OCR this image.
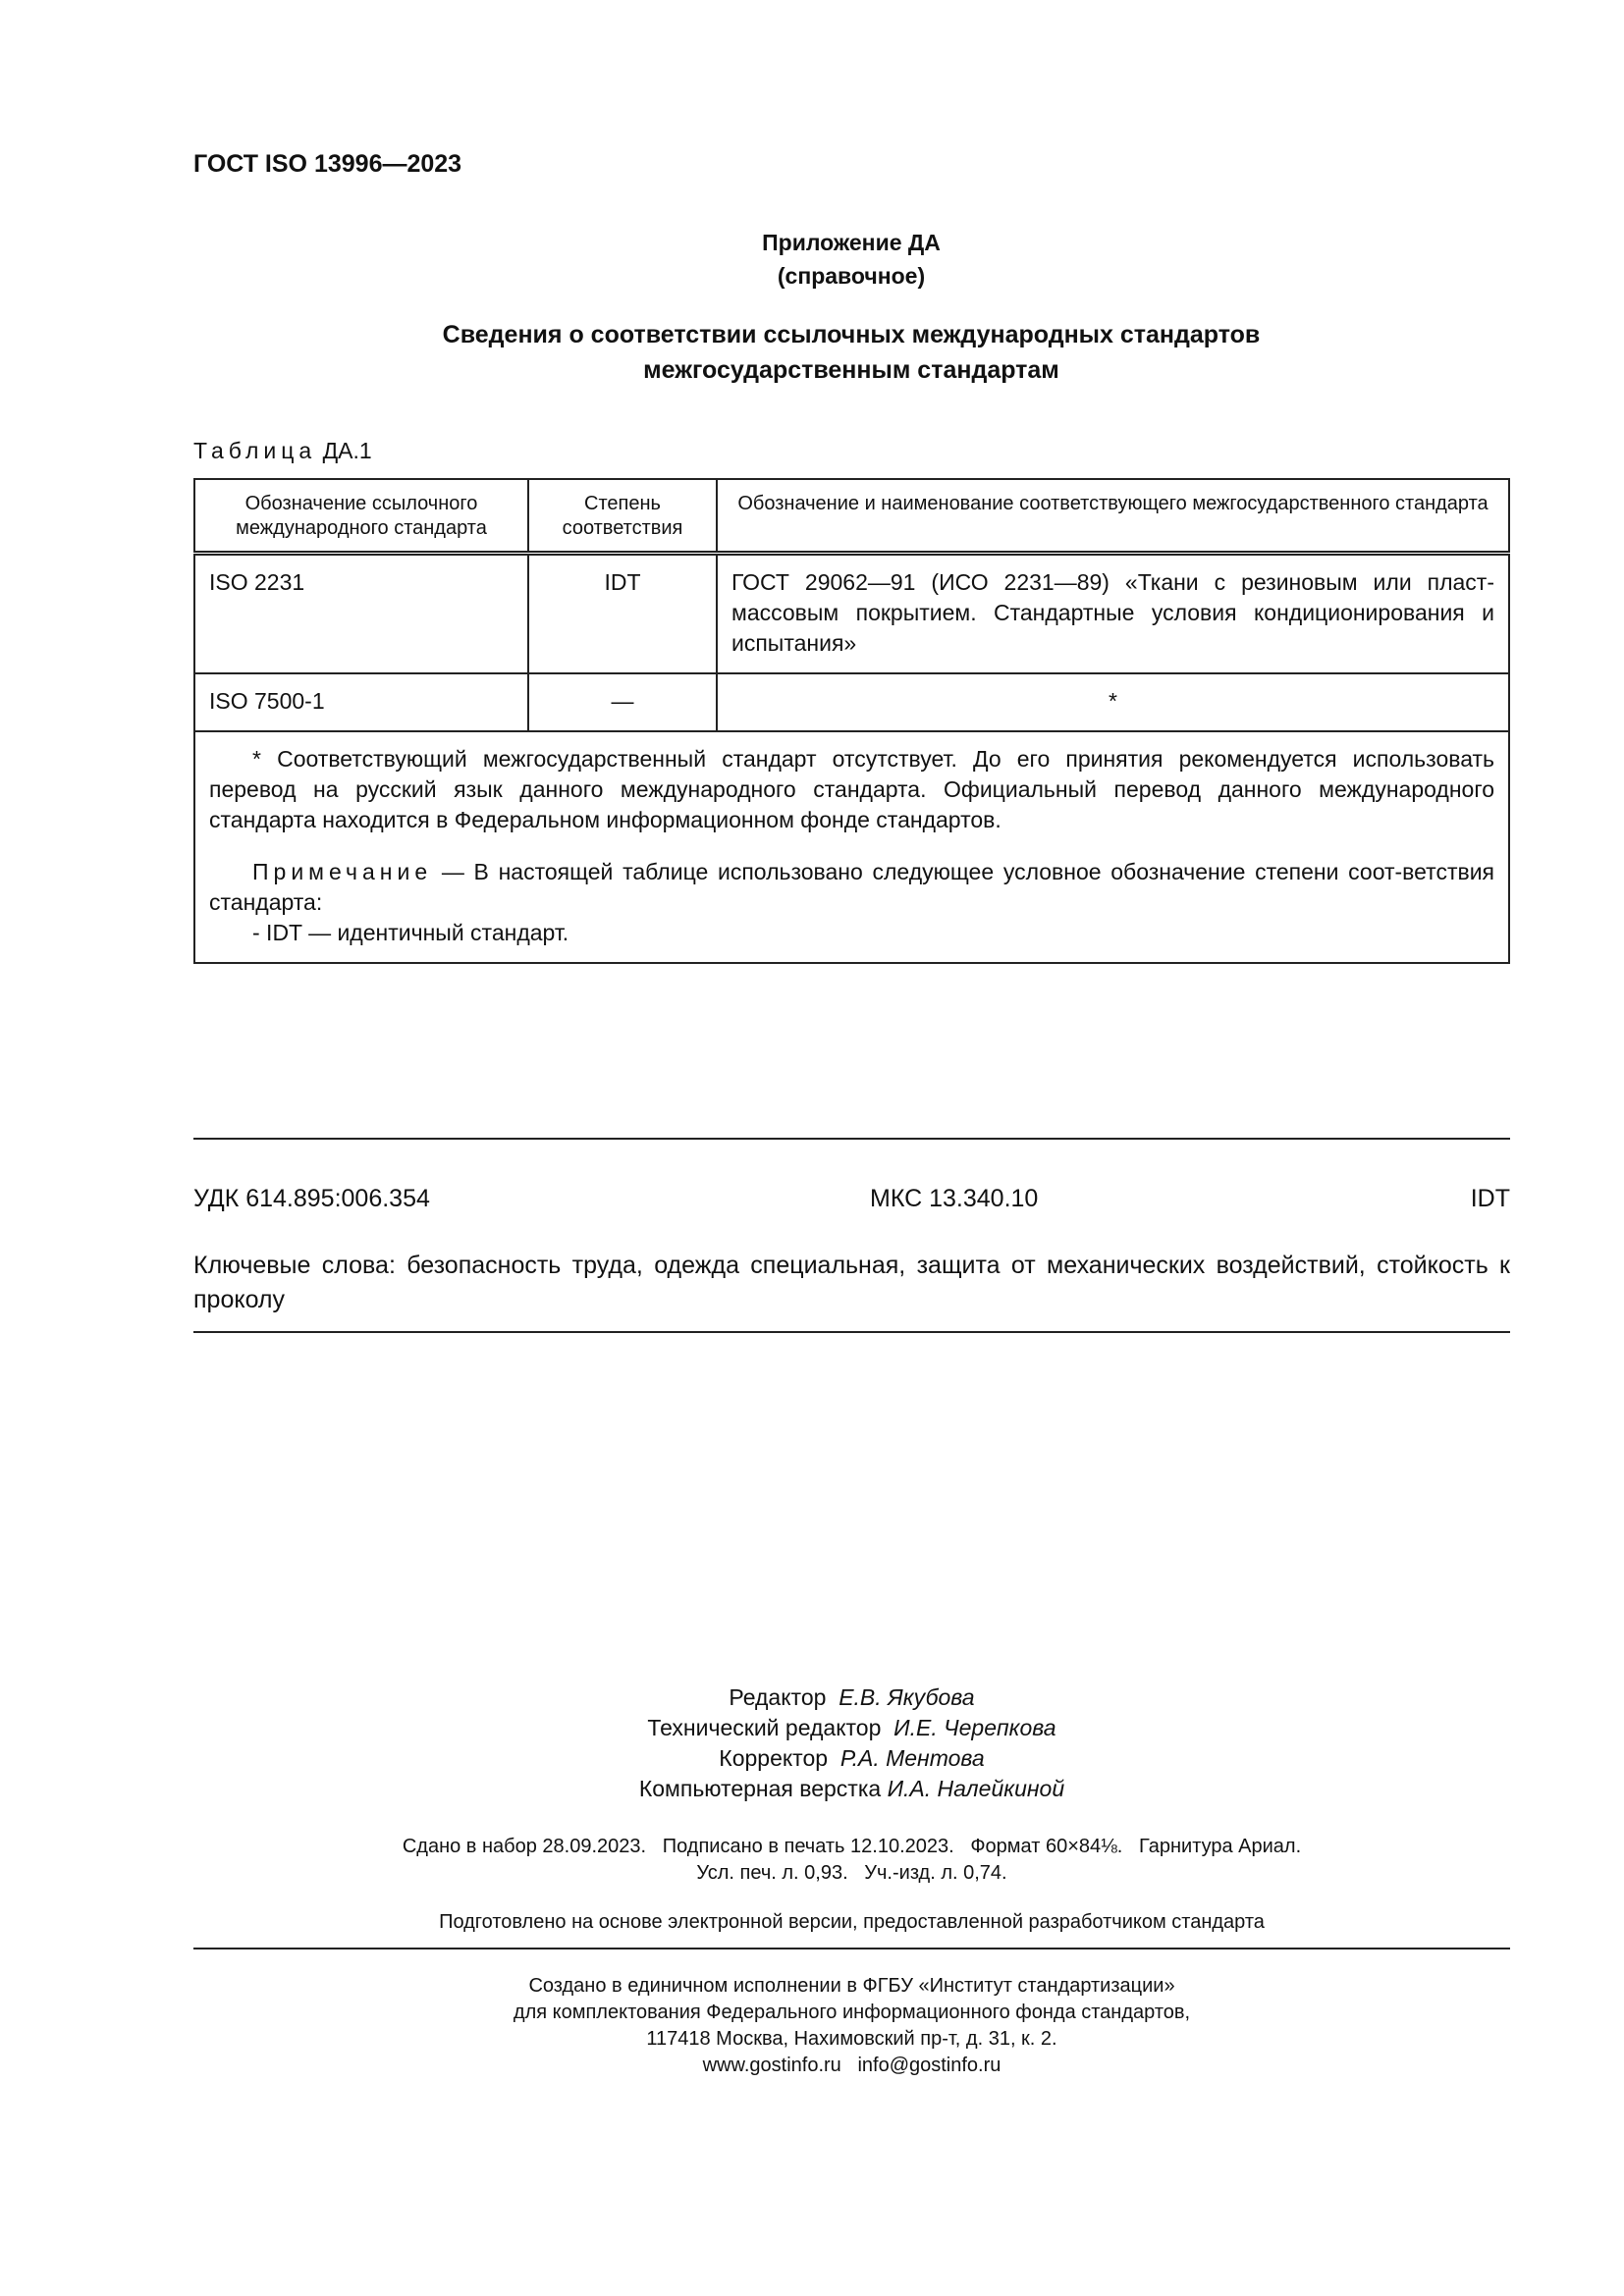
ГОСТ ISO 13996—2023
Приложение ДА
(справочное)
Сведения о соответствии ссылочных международных стандартов
межгосударственным стандартам
Таблица ДА.1
Обозначение ссылочного международного стандарта	Степень соответствия	Обозначение и наименование соответствующего межгосударственного стандарта
ISO 2231	IDT	ГОСТ 29062—91 (ИСО 2231—89) «Ткани с резиновым или пласт-массовым покрытием. Стандартные условия кондиционирования и испытания»
ISO 7500-1	—	*

* Соответствующий межгосударственный стандарт отсутствует. До его принятия рекомендуется использовать перевод на русский язык данного международного стандарта. Официальный перевод данного международного стандарта находится в Федеральном информационном фонде стандартов.

Примечание — В настоящей таблице использовано следующее условное обозначение степени соот-ветствия стандарта:

- IDT — идентичный стандарт.		

УДК 614.895:006.354	МКС 13.340.10	IDT
Ключевые слова: безопасность труда, одежда специальная, защита от механических воздействий, стойкость к проколу
Редактор Е.В. Якубова
Технический редактор И.Е. Черепкова
Корректор Р.А. Ментова
Компьютерная верстка И.А. Налейкиной
Сдано в набор 28.09.2023.   Подписано в печать 12.10.2023.   Формат 60×84⅛.   Гарнитура Ариал.
Усл. печ. л. 0,93.   Уч.-изд. л. 0,74.
Подготовлено на основе электронной версии, предоставленной разработчиком стандарта
Создано в единичном исполнении в ФГБУ «Институт стандартизации»
для комплектования Федерального информационного фонда стандартов,
117418 Москва, Нахимовский пр-т, д. 31, к. 2.
www.gostinfo.ru   info@gostinfo.ru
